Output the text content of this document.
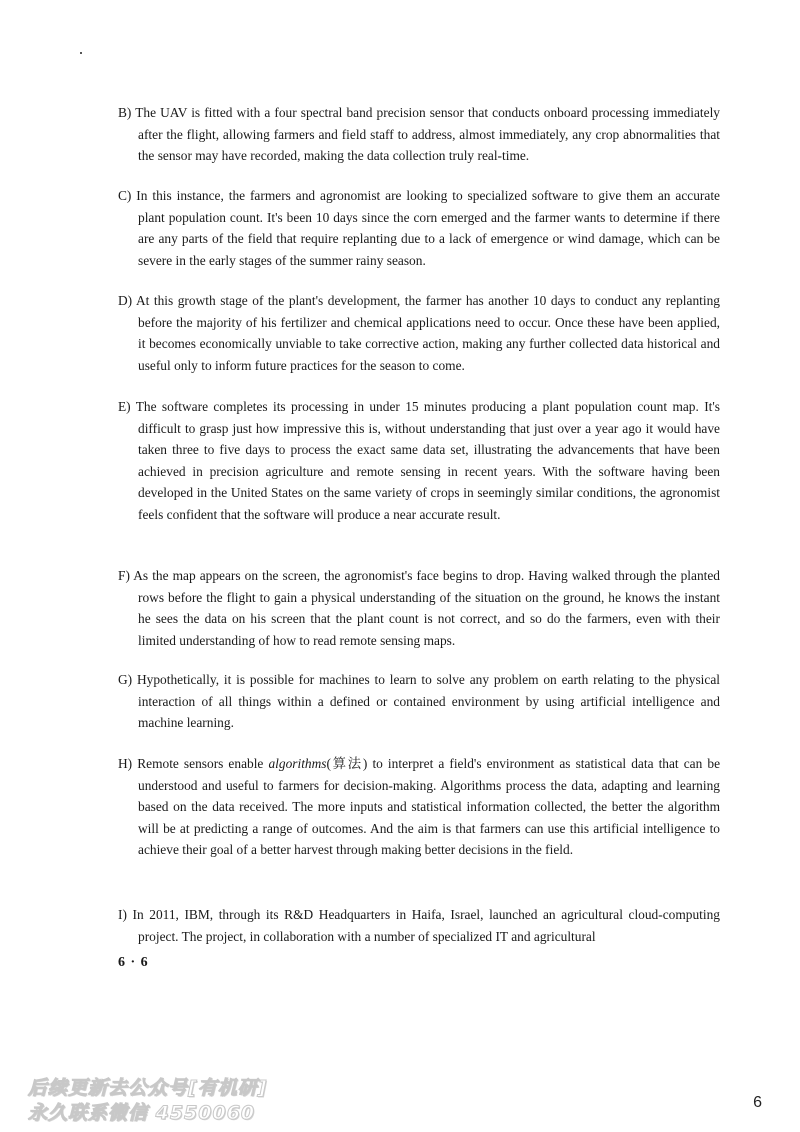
B) The UAV is fitted with a four spectral band precision sensor that conducts onboard processing immediately after the flight, allowing farmers and field staff to address, almost immediately, any crop abnormalities that the sensor may have recorded, making the data collection truly real-time.

C) In this instance, the farmers and agronomist are looking to specialized software to give them an accurate plant population count. It's been 10 days since the corn emerged and the farmer wants to determine if there are any parts of the field that require replanting due to a lack of emergence or wind damage, which can be severe in the early stages of the summer rainy season.

D) At this growth stage of the plant's development, the farmer has another 10 days to conduct any replanting before the majority of his fertilizer and chemical applications need to occur. Once these have been applied, it becomes economically unviable to take corrective action, making any further collected data historical and useful only to inform future practices for the season to come.

E) The software completes its processing in under 15 minutes producing a plant population count map. It's difficult to grasp just how impressive this is, without understanding that just over a year ago it would have taken three to five days to process the exact same data set, illustrating the advancements that have been achieved in precision agriculture and remote sensing in recent years. With the software having been developed in the United States on the same variety of crops in seemingly similar conditions, the agronomist feels confident that the software will produce a near accurate result.

F) As the map appears on the screen, the agronomist's face begins to drop. Having walked through the planted rows before the flight to gain a physical understanding of the situation on the ground, he knows the instant he sees the data on his screen that the plant count is not correct, and so do the farmers, even with their limited understanding of how to read remote sensing maps.

G) Hypothetically, it is possible for machines to learn to solve any problem on earth relating to the physical interaction of all things within a defined or contained environment by using artificial intelligence and machine learning.

H) Remote sensors enable algorithms(算法) to interpret a field's environment as statistical data that can be understood and useful to farmers for decision-making. Algorithms process the data, adapting and learning based on the data received. The more inputs and statistical information collected, the better the algorithm will be at predicting a range of outcomes. And the aim is that farmers can use this artificial intelligence to achieve their goal of a better harvest through making better decisions in the field.

I) In 2011, IBM, through its R&D Headquarters in Haifa, Israel, launched an agricultural cloud-computing project. The project, in collaboration with a number of specialized IT and agricultural

6 · 6
后续更新去公众号[有机研]
永久联系微信 4550060	6
